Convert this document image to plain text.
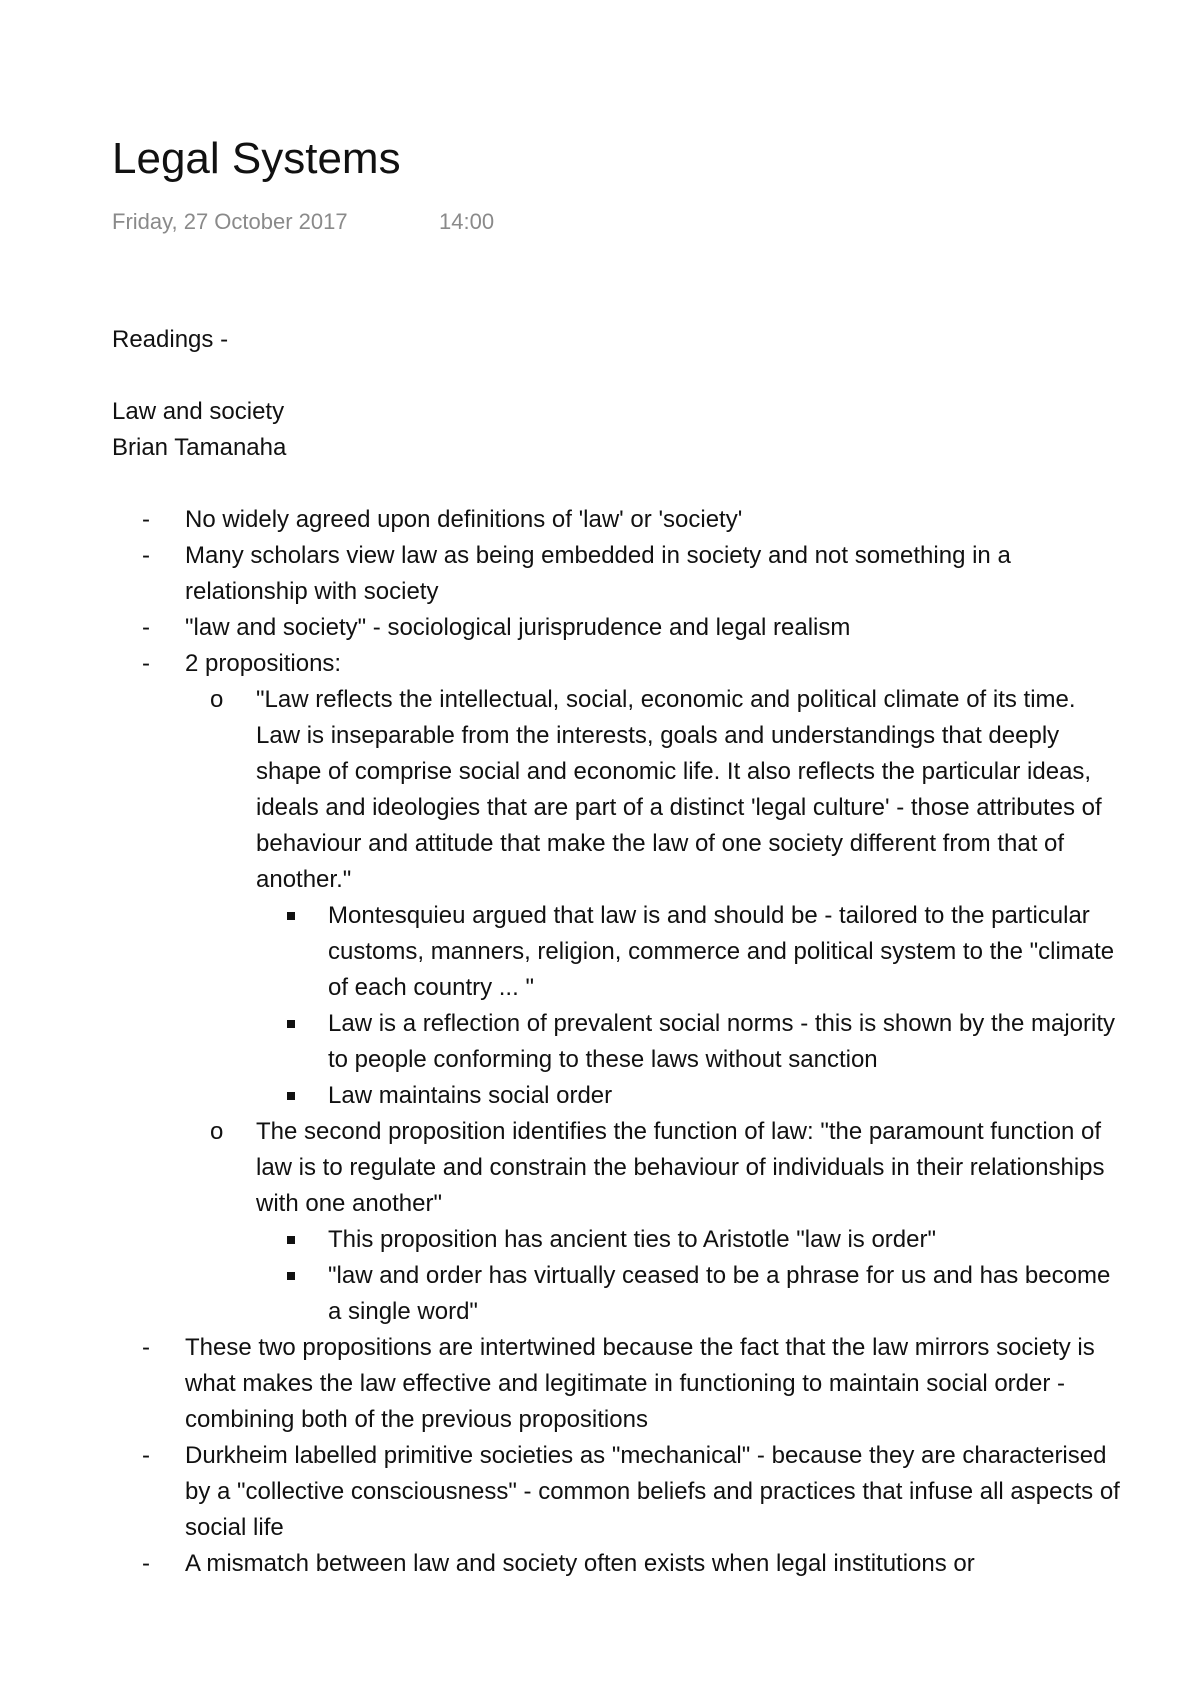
Legal Systems
Friday, 27 October 2017	14:00

Readings -

Law and society

Brian Tamanaha

- No widely agreed upon definitions of 'law' or 'society'
- Many scholars view law as being embedded in society and not something in a relationship with society
- "law and society" - sociological jurisprudence and legal realism
- 2 propositions:
o "Law reflects the intellectual, social, economic and political climate of its time. Law is inseparable from the interests, goals and understandings that deeply shape of comprise social and economic life. It also reflects the particular ideas, ideals and ideologies that are part of a distinct 'legal culture' - those attributes of behaviour and attitude that make the law of one society different from that of another."
Montesquieu argued that law is and should be - tailored to the particular customs, manners, religion, commerce and political system to the "climate of each country ... "
Law is a reflection of prevalent social norms - this is shown by the majority to people conforming to these laws without sanction
Law maintains social order
o The second proposition identifies the function of law: "the paramount function of law is to regulate and constrain the behaviour of individuals in their relationships with one another"
This proposition has ancient ties to Aristotle "law is order"
"law and order has virtually ceased to be a phrase for us and has become a single word"
- These two propositions are intertwined because the fact that the law mirrors society is what makes the law effective and legitimate in functioning to maintain social order - combining both of the previous propositions
- Durkheim labelled primitive societies as "mechanical" - because they are characterised by a "collective consciousness" - common beliefs and practices that infuse all aspects of social life
- A mismatch between law and society often exists when legal institutions or
